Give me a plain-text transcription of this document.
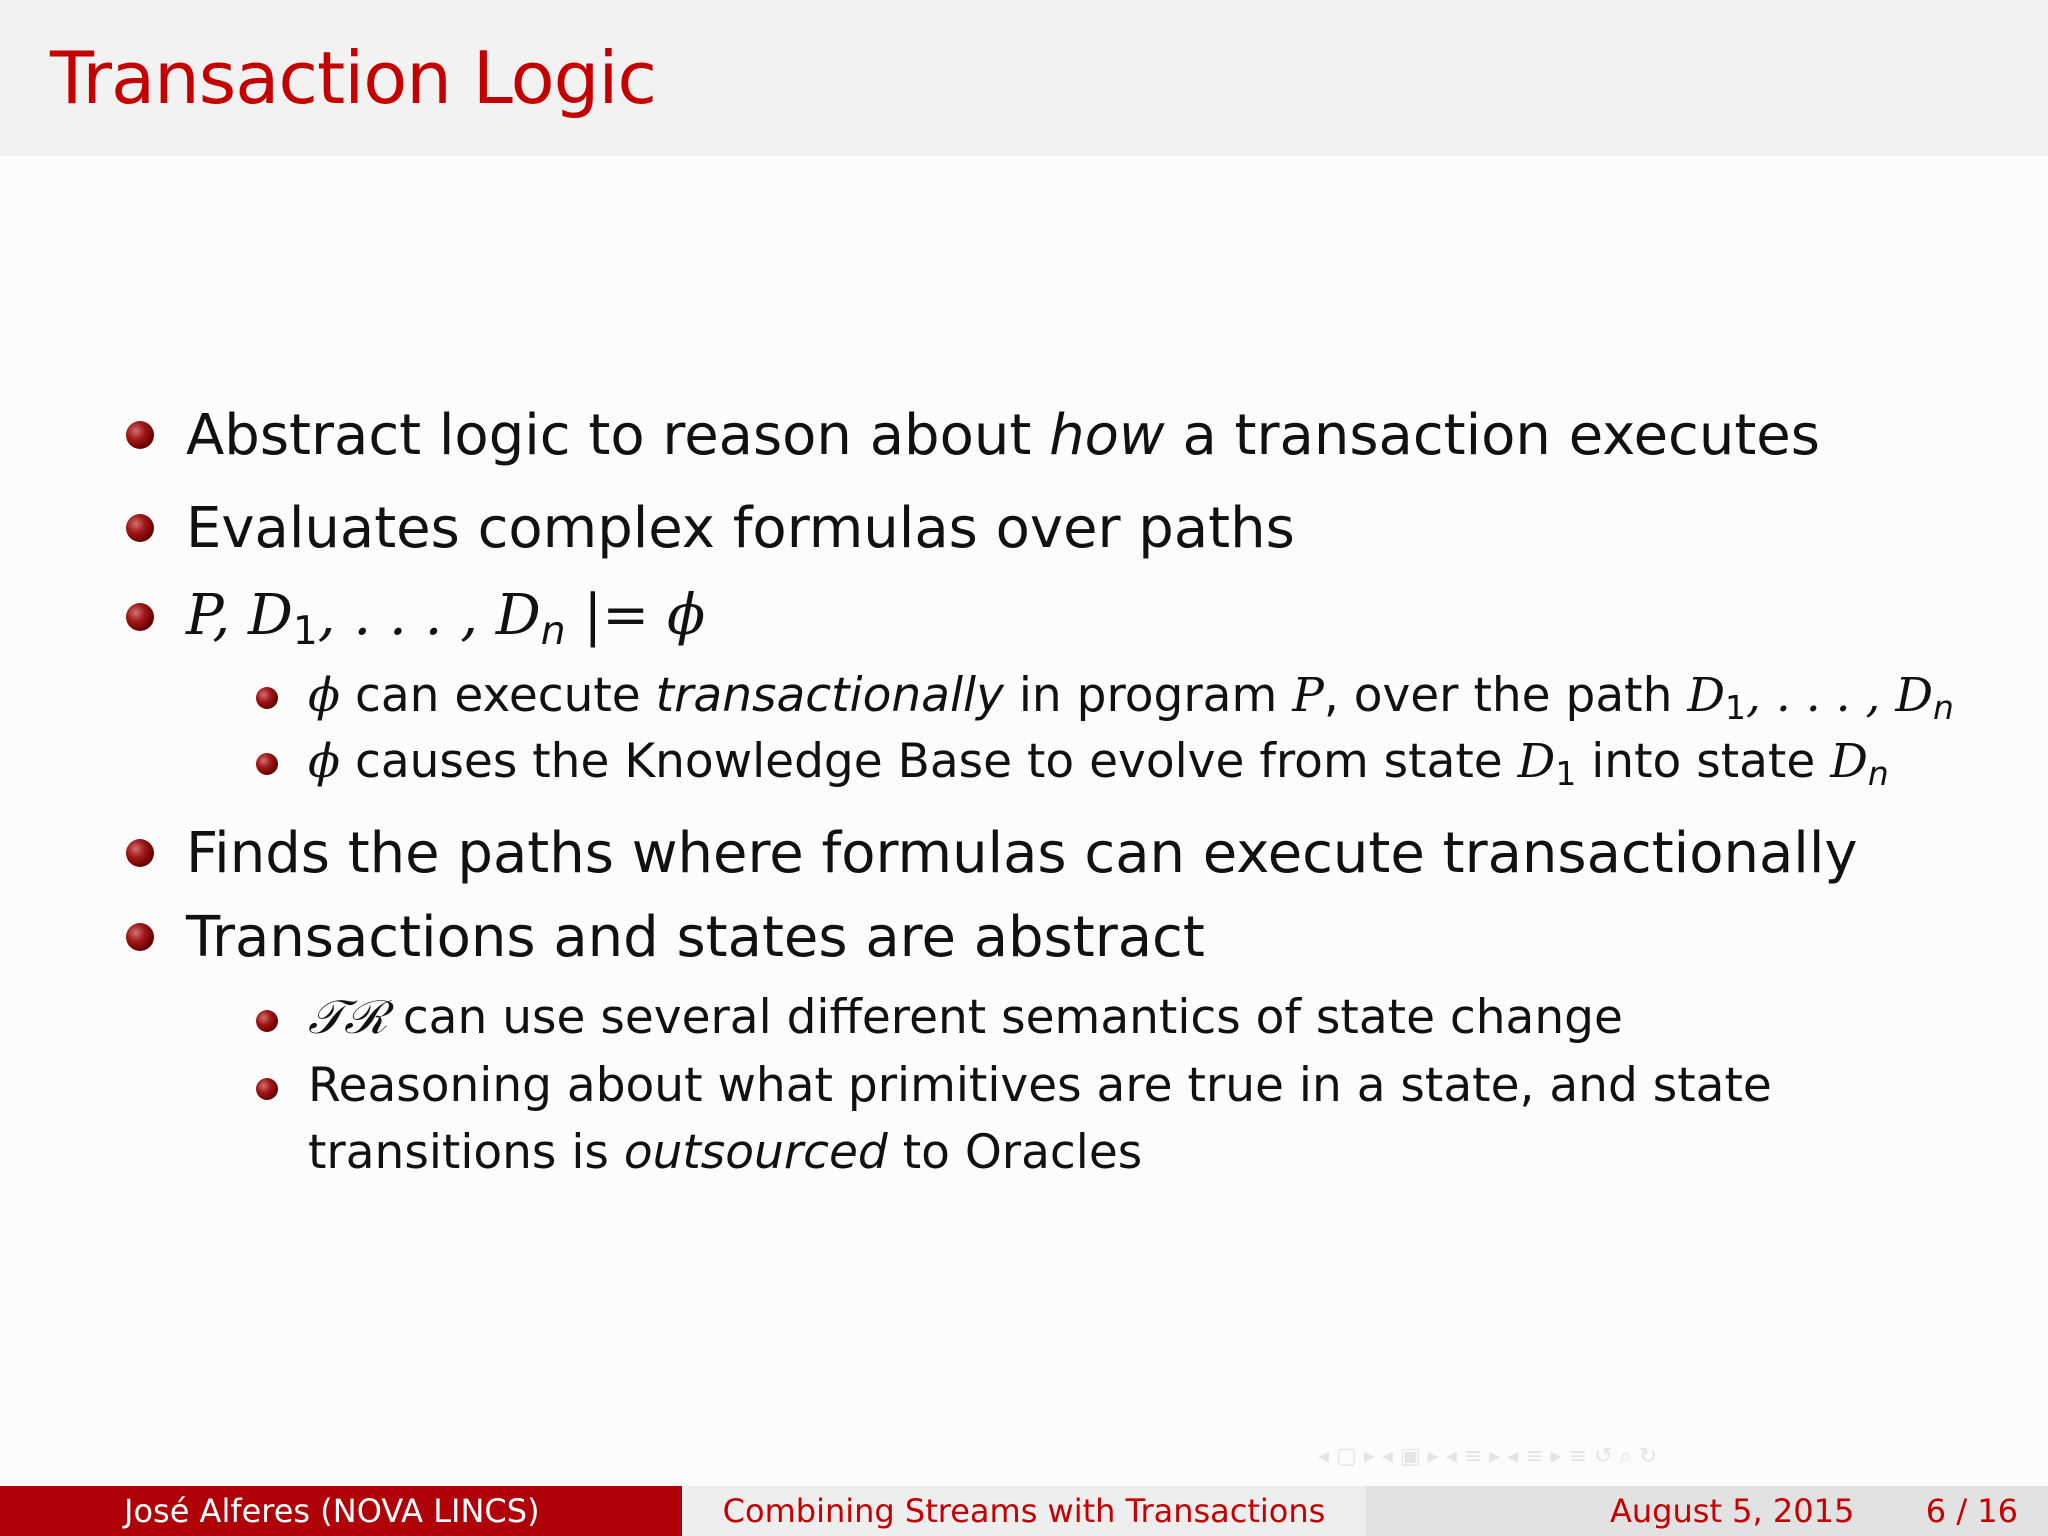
Transaction Logic
Abstract logic to reason about how a transaction executes
Evaluates complex formulas over paths
P, $D_1$, . . . , Dn |= ϕ
ϕ can execute transactionally in program P, over the path $D_1$, . . . , Dn
ϕ causes the Knowledge Base to evolve from state $D_1$ into state Dn
Finds the paths where formulas can execute transactionally
Transactions and states are abstract
𝒯ℛ can use several different semantics of state change
Reasoning about what primitives are true in a state, and state
transitions is outsourced to Oracles
◂ ▢ ▸ ◂ ▣ ▸ ◂ ≡ ▸ ◂ ≡ ▸ ≡ ↺ ⌕ ↻
José Alferes (NOVA LINCS)	Combining Streams with Transactions	August 5, 2015 6 / 16
